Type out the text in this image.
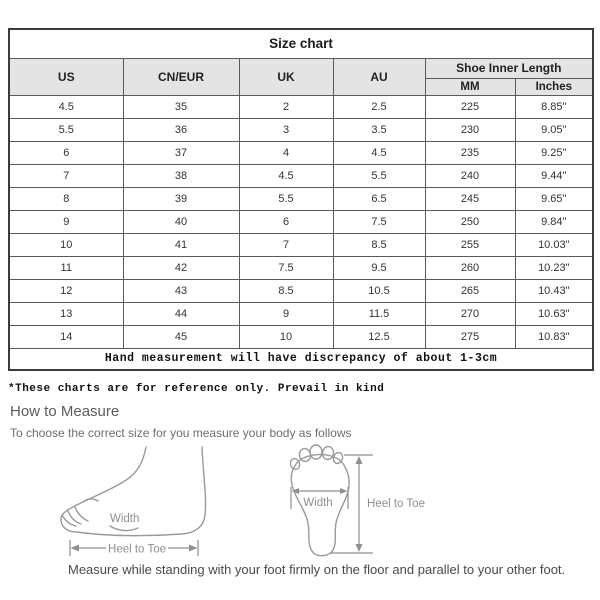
Size chart					
US	CN/EUR	UK	AU	Shoe Inner Length	
				MM	Inches
4.5	35	2	2.5	225	8.85"
5.5	36	3	3.5	230	9.05"
6	37	4	4.5	235	9.25"
7	38	4.5	5.5	240	9.44"
8	39	5.5	6.5	245	9.65"
9	40	6	7.5	250	9.84"
10	41	7	8.5	255	10.03"
11	42	7.5	9.5	260	10.23"
12	43	8.5	10.5	265	10.43"
13	44	9	11.5	270	10.63"
14	45	10	12.5	275	10.83"
Hand measurement will have discrepancy of about 1-3cm					
*These charts are for reference only. Prevail in kind
How to Measure
To choose the correct size for you measure your body as follows
Width
Heel to Toe
Width	Heel to Toe
Measure while standing with your foot firmly on the floor and parallel to your other foot.
